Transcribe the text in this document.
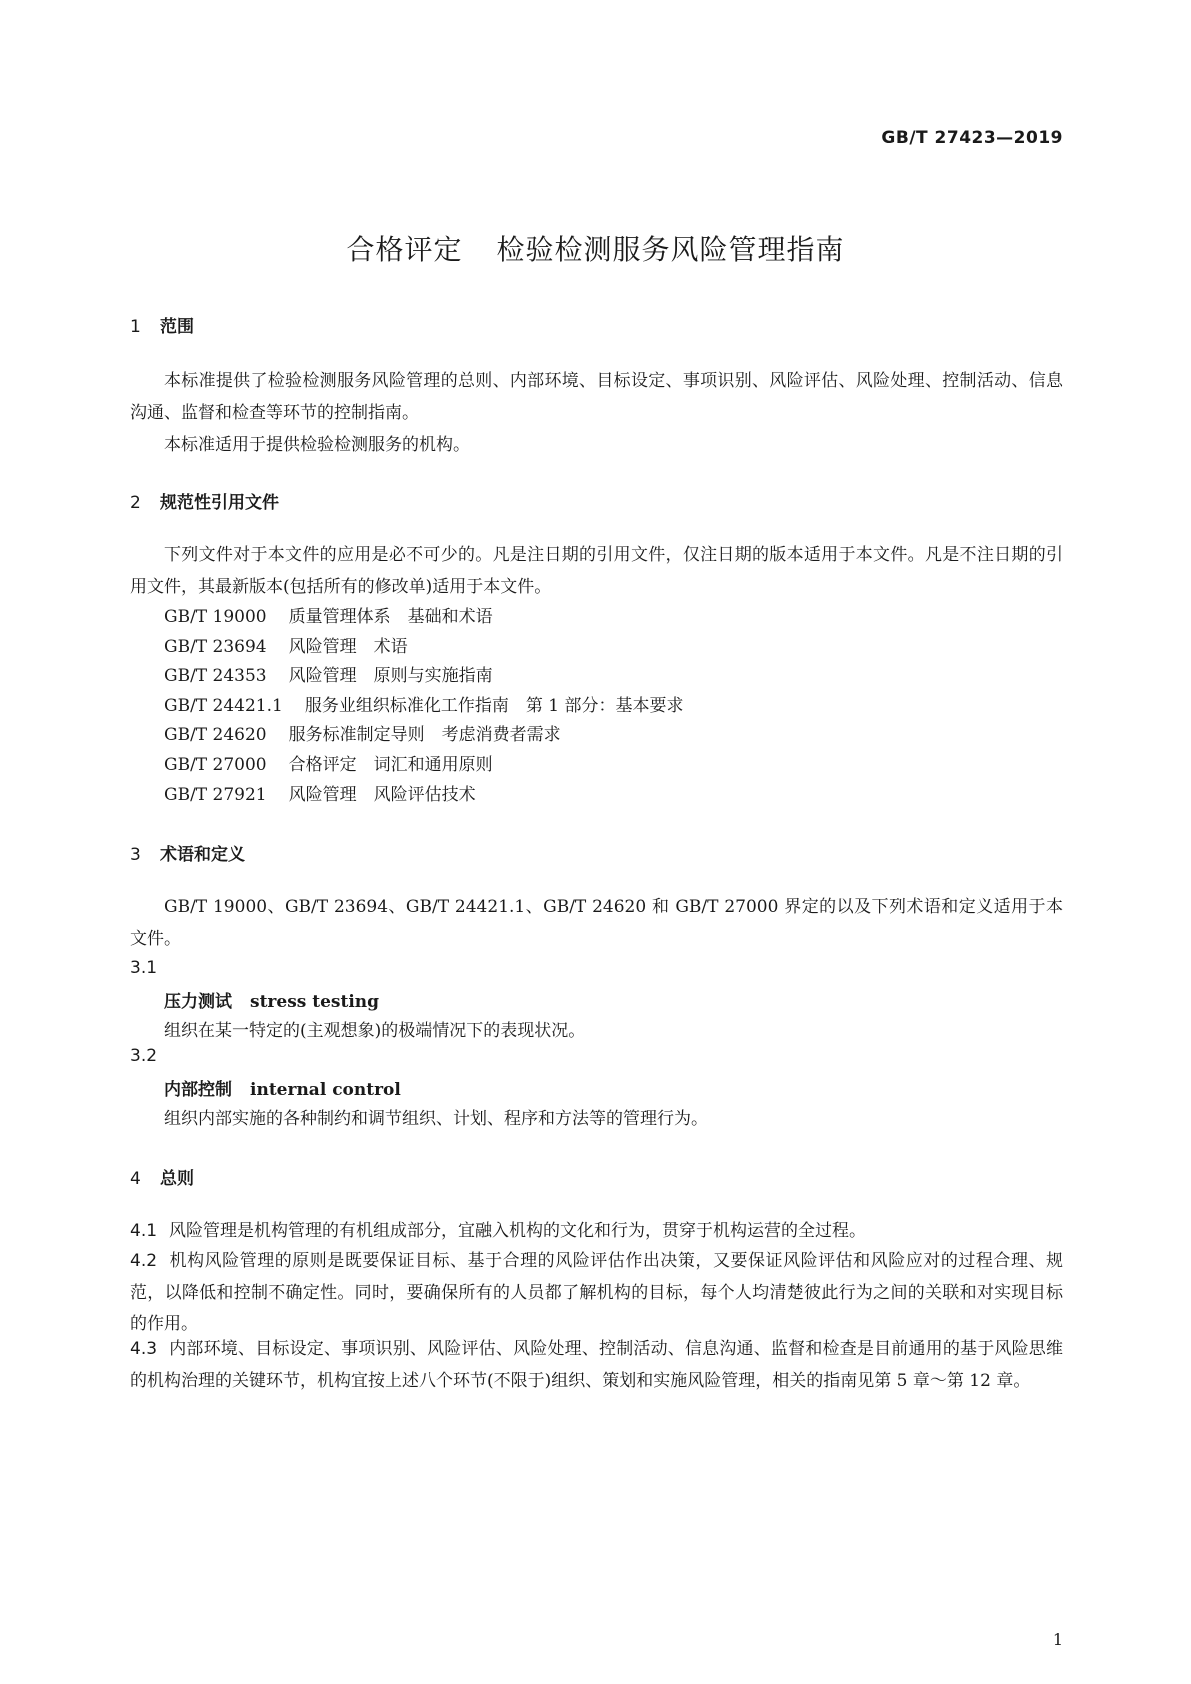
GB/T 27423—2019
合格评定 检验检测服务风险管理指南
1 范围

本标准提供了检验检测服务风险管理的总则、内部环境、目标设定、事项识别、风险评估、风险处理、控制活动、信息沟通、监督和检查等环节的控制指南。

本标准适用于提供检验检测服务的机构。
2 规范性引用文件

下列文件对于本文件的应用是必不可少的。凡是注日期的引用文件，仅注日期的版本适用于本文件。凡是不注日期的引用文件，其最新版本(包括所有的修改单)适用于本文件。

GB/T 19000 质量管理体系　基础和术语
GB/T 23694 风险管理　术语
GB/T 24353 风险管理　原则与实施指南
GB/T 24421.1 服务业组织标准化工作指南　第 1 部分：基本要求
GB/T 24620 服务标准制定导则　考虑消费者需求
GB/T 27000 合格评定　词汇和通用原则
GB/T 27921 风险管理　风险评估技术
3 术语和定义

GB/T 19000、GB/T 23694、GB/T 24421.1、GB/T 24620 和 GB/T 27000 界定的以及下列术语和定义适用于本文件。

3.1
压力测试 stress testing
组织在某一特定的(主观想象)的极端情况下的表现状况。
3.2
内部控制 internal control
组织内部实施的各种制约和调节组织、计划、程序和方法等的管理行为。
4 总则

4.1 风险管理是机构管理的有机组成部分，宜融入机构的文化和行为，贯穿于机构运营的全过程。

4.2 机构风险管理的原则是既要保证目标、基于合理的风险评估作出决策，又要保证风险评估和风险应对的过程合理、规范，以降低和控制不确定性。同时，要确保所有的人员都了解机构的目标，每个人均清楚彼此行为之间的关联和对实现目标的作用。

4.3 内部环境、目标设定、事项识别、风险评估、风险处理、控制活动、信息沟通、监督和检查是目前通用的基于风险思维的机构治理的关键环节，机构宜按上述八个环节(不限于)组织、策划和实施风险管理，相关的指南见第 5 章～第 12 章。

1
